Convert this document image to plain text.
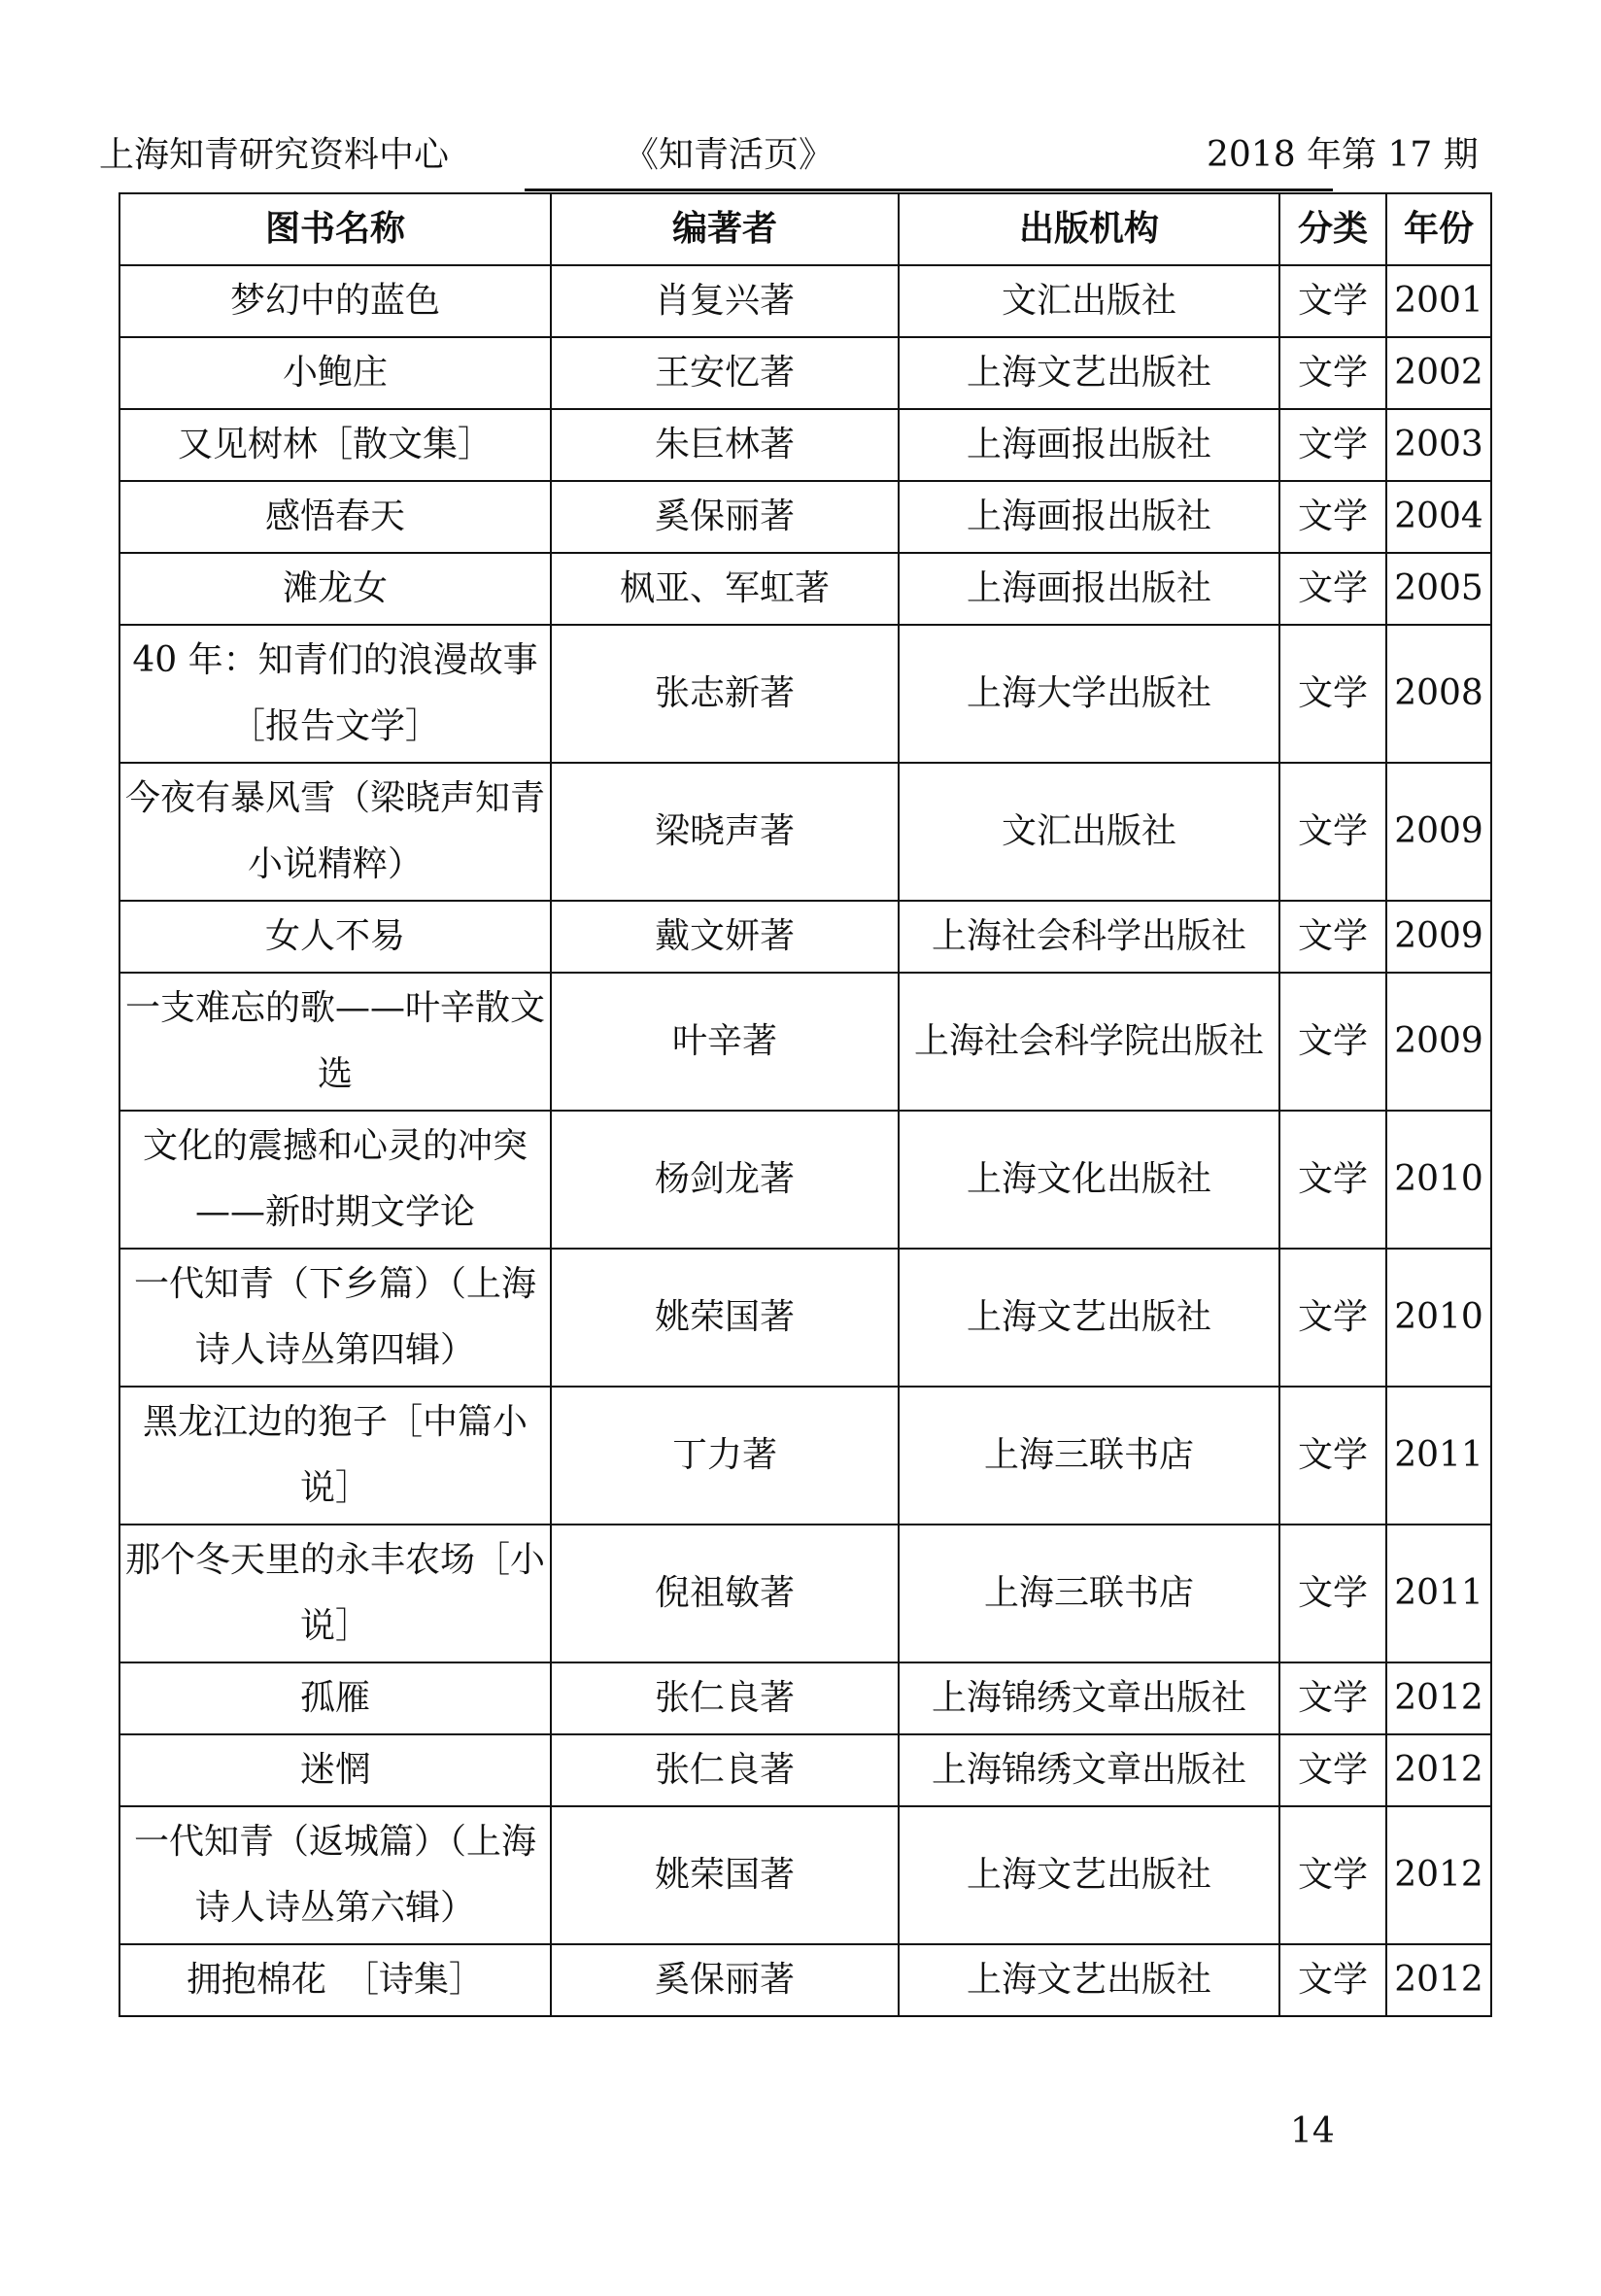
上海知青研究资料中心	《知青活页》	2018 年第 17 期
图书名称	编著者	出版机构	分类	年份
梦幻中的蓝色	肖复兴著	文汇出版社	文学	2001
小鲍庄	王安忆著	上海文艺出版社	文学	2002
又见树林［散文集］	朱巨林著	上海画报出版社	文学	2003
感悟春天	奚保丽著	上海画报出版社	文学	2004
滩龙女	枫亚、军虹著	上海画报出版社	文学	2005
40 年：知青们的浪漫故事［报告文学］	张志新著	上海大学出版社	文学	2008
今夜有暴风雪（梁晓声知青小说精粹）	梁晓声著	文汇出版社	文学	2009
女人不易	戴文妍著	上海社会科学出版社	文学	2009
一支难忘的歌——叶辛散文选	叶辛著	上海社会科学院出版社	文学	2009
文化的震撼和心灵的冲突——新时期文学论	杨剑龙著	上海文化出版社	文学	2010
一代知青（下乡篇）（上海诗人诗丛第四辑）	姚荣国著	上海文艺出版社	文学	2010
黑龙江边的狍子［中篇小说］	丁力著	上海三联书店	文学	2011
那个冬天里的永丰农场［小说］	倪祖敏著	上海三联书店	文学	2011
孤雁	张仁良著	上海锦绣文章出版社	文学	2012
迷惘	张仁良著	上海锦绣文章出版社	文学	2012
一代知青（返城篇）（上海诗人诗丛第六辑）	姚荣国著	上海文艺出版社	文学	2012
拥抱棉花　［诗集］	奚保丽著	上海文艺出版社	文学	2012
14
